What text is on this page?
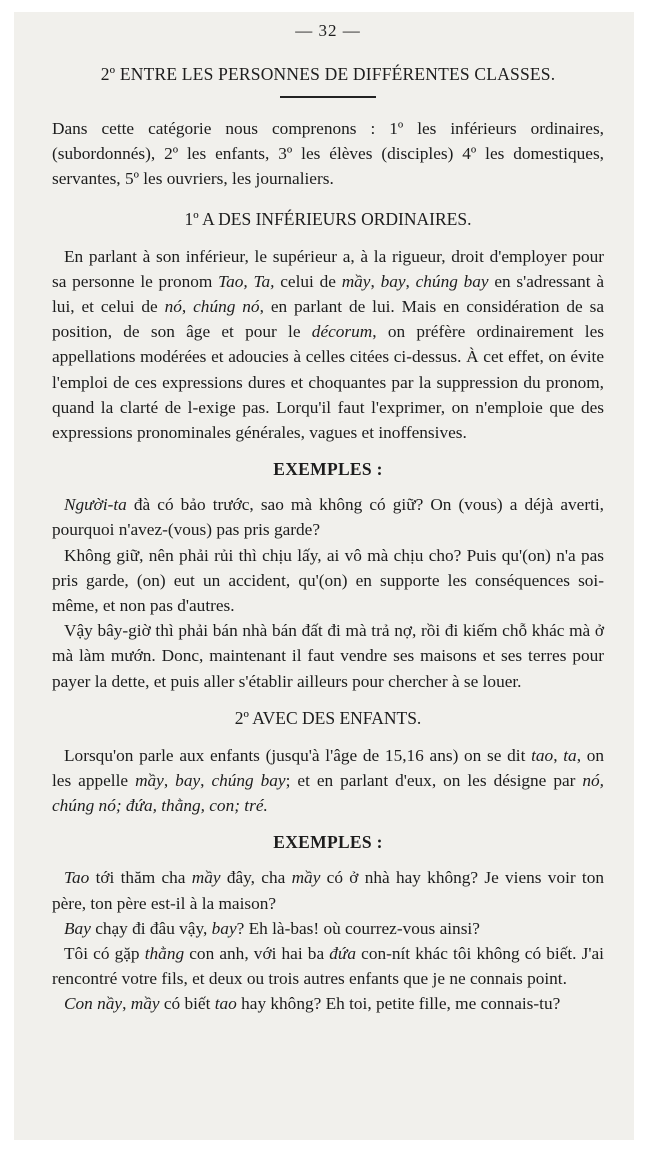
— 32 —
2º ENTRE LES PERSONNES DE DIFFÉRENTES CLASSES.

Dans cette catégorie nous comprenons : 1º les inférieurs ordinaires, (subordonnés), 2º les enfants, 3º les élèves (disciples) 4º les domestiques, servantes, 5º les ouvriers, les journaliers.

1º A DES INFÉRIEURS ORDINAIRES.

En parlant à son inférieur, le supérieur a, à la rigueur, droit d'employer pour sa personne le pronom Tao, Ta, celui de mầy, bay, chúng bay en s'adressant à lui, et celui de nó, chúng nó, en parlant de lui. Mais en considération de sa position, de son âge et pour le décorum, on préfère ordinairement les appellations modérées et adoucies à celles citées ci-dessus. À cet effet, on évite l'emploi de ces expressions dures et choquantes par la suppression du pronom, quand la clarté de l-exige pas. Lorqu'il faut l'exprimer, on n'emploie que des expressions pronominales générales, vagues et inoffensives.

EXEMPLES :

Người-ta đà có bảo trước, sao mà không có giữ? On (vous) a déjà averti, pourquoi n'avez-(vous) pas pris garde?

Không giữ, nên phải rủi thì chịu lấy, ai vô mà chịu cho? Puis qu'(on) n'a pas pris garde, (on) eut un accident, qu'(on) en supporte les conséquences soi-même, et non pas d'autres.

Vậy bây-giờ thì phải bán nhà bán đất đi mà trả nợ, rồi đi kiếm chỗ khác mà ở mà làm mướn. Donc, maintenant il faut vendre ses maisons et ses terres pour payer la dette, et puis aller s'établir ailleurs pour chercher à se louer.

2º AVEC DES ENFANTS.

Lorsqu'on parle aux enfants (jusqu'à l'âge de 15,16 ans) on se dit tao, ta, on les appelle mầy, bay, chúng bay; et en parlant d'eux, on les désigne par nó, chúng nó; đứa, thằng, con; tré.

EXEMPLES :

Tao tới thăm cha mầy đây, cha mầy có ở nhà hay không? Je viens voir ton père, ton père est-il à la maison?

Bay chạy đi đâu vậy, bay? Eh là-bas! où courrez-vous ainsi?

Tôi có gặp thằng con anh, với hai ba đứa con-nít khác tôi không có biết. J'ai rencontré votre fils, et deux ou trois autres enfants que je ne connais point.

Con nầy, mầy có biết tao hay không? Eh toi, petite fille, me connais-tu?
